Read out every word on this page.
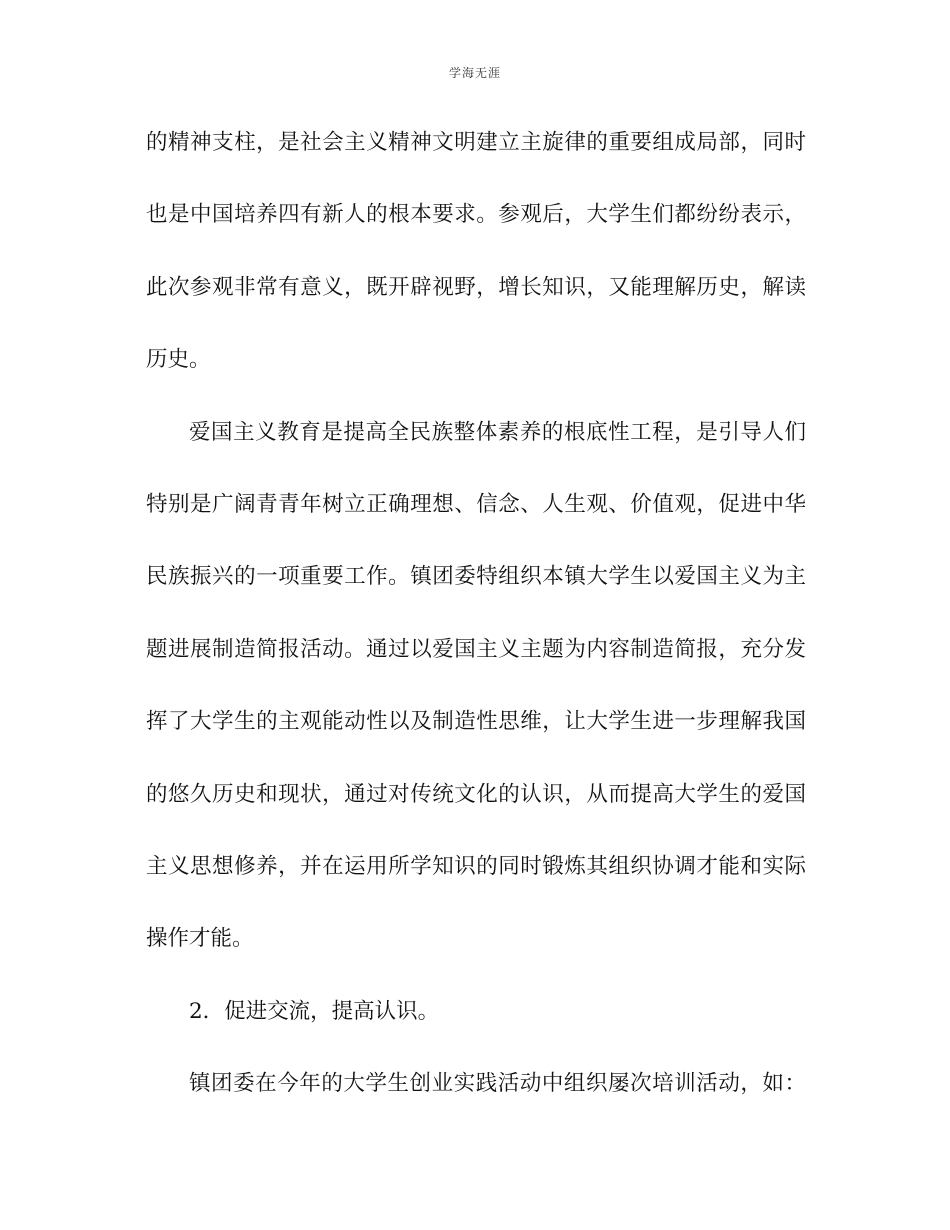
学海无涯
的精神支柱，是社会主义精神文明建立主旋律的重要组成局部，同时
也是中国培养四有新人的根本要求。参观后，大学生们都纷纷表示，
此次参观非常有意义，既开辟视野，增长知识，又能理解历史，解读
历史。
爱国主义教育是提高全民族整体素养的根底性工程，是引导人们
特别是广阔青青年树立正确理想、信念、人生观、价值观，促进中华
民族振兴的一项重要工作。镇团委特组织本镇大学生以爱国主义为主
题进展制造简报活动。通过以爱国主义主题为内容制造简报，充分发
挥了大学生的主观能动性以及制造性思维，让大学生进一步理解我国
的悠久历史和现状，通过对传统文化的认识，从而提高大学生的爱国
主义思想修养，并在运用所学知识的同时锻炼其组织协调才能和实际
操作才能。
2．促进交流，提高认识。
镇团委在今年的大学生创业实践活动中组织屡次培训活动，如：
